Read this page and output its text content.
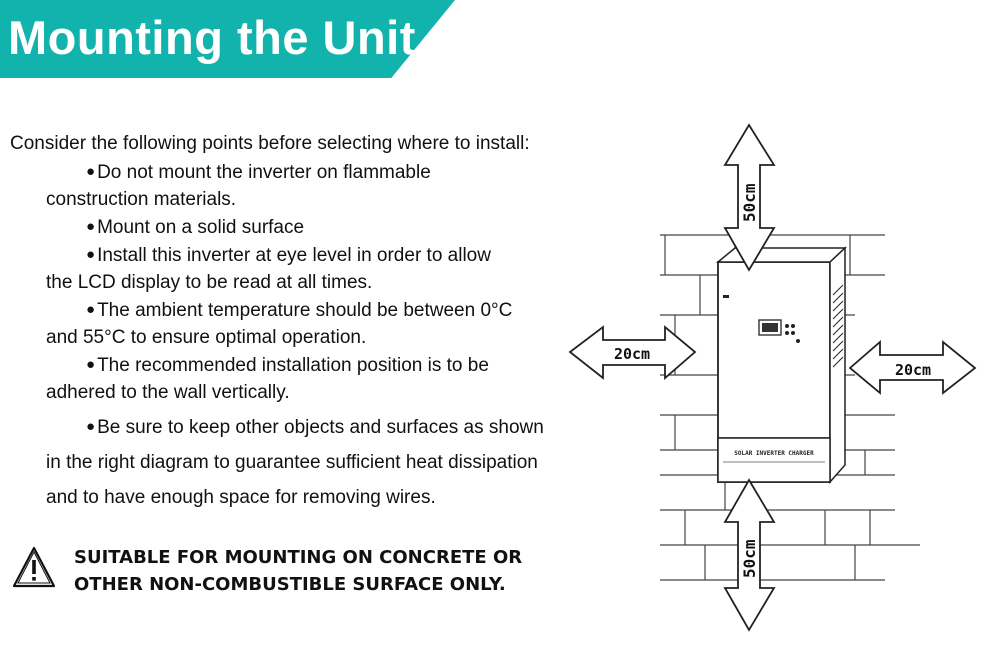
Mounting the Unit

Consider the following points before selecting where to install:

● Do not mount the inverter on flammable
construction materials.

● Mount on a solid surface

● Install this inverter at eye level in order to allow
the LCD display to be read at all times.

● The ambient temperature should be between 0°C
and 55°C to ensure optimal operation.

● The recommended installation position is to be
adhered to the wall vertically.

● Be sure to keep other objects and surfaces as shown
in the right diagram to guarantee sufficient heat dissipation and to have enough space for removing wires.

SUITABLE FOR MOUNTING ON CONCRETE OR
OTHER NON-COMBUSTIBLE SURFACE ONLY.
SOLAR INVERTER CHARGER
50cm
50cm
20cm
20cm
